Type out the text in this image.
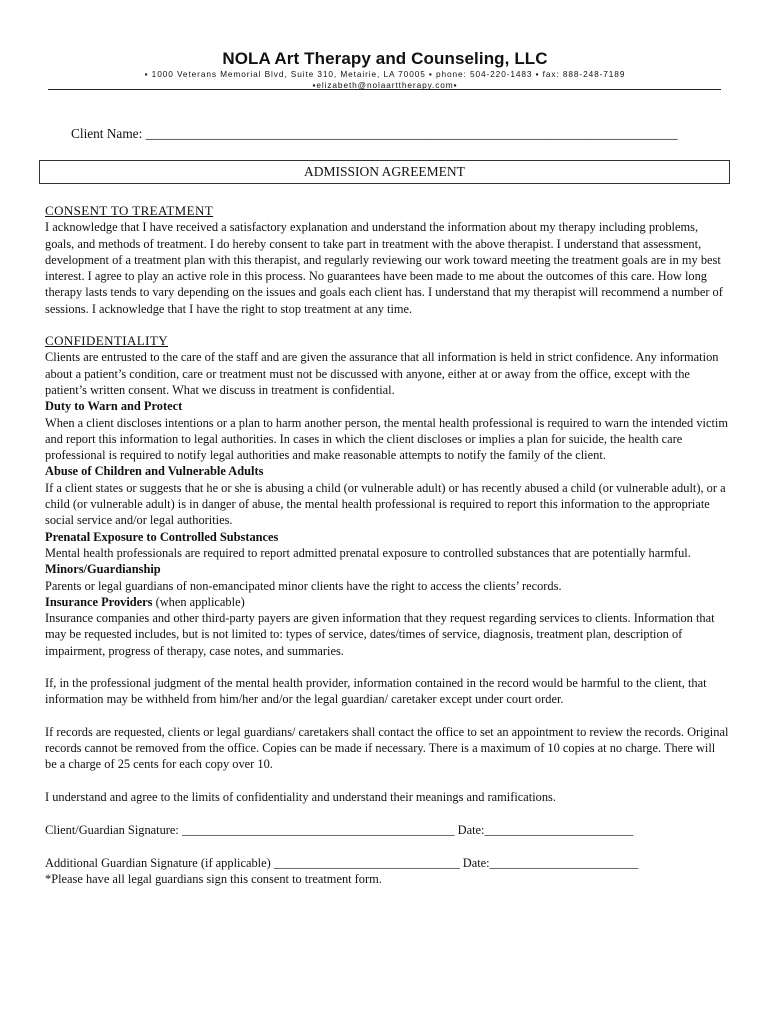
NOLA Art Therapy and Counseling, LLC
▪ 1000 Veterans Memorial Blvd, Suite 310, Metairie, LA 70005 ▪ phone: 504-220-1483 ▪ fax: 888-248-7189
▪elizabeth@nolaarttherapy.com▪
Client Name: ________________________________________________________________________________
ADMISSION AGREEMENT

CONSENT TO TREATMENT

I acknowledge that I have received a satisfactory explanation and understand the information about my therapy including problems, goals, and methods of treatment. I do hereby consent to take part in treatment with the above therapist. I understand that assessment, development of a treatment plan with this therapist, and regularly reviewing our work toward meeting the treatment goals are in my best interest. I agree to play an active role in this process. No guarantees have been made to me about the outcomes of this care. How long therapy lasts tends to vary depending on the issues and goals each client has. I understand that my therapist will recommend a number of sessions. I acknowledge that I have the right to stop treatment at any time.

CONFIDENTIALITY

Clients are entrusted to the care of the staff and are given the assurance that all information is held in strict confidence. Any information about a patient’s condition, care or treatment must not be discussed with anyone, either at or away from the office, except with the patient’s written consent. What we discuss in treatment is confidential.

Duty to Warn and Protect

When a client discloses intentions or a plan to harm another person, the mental health professional is required to warn the intended victim and report this information to legal authorities. In cases in which the client discloses or implies a plan for suicide, the health care professional is required to notify legal authorities and make reasonable attempts to notify the family of the client.

Abuse of Children and Vulnerable Adults

If a client states or suggests that he or she is abusing a child (or vulnerable adult) or has recently abused a child (or vulnerable adult), or a child (or vulnerable adult) is in danger of abuse, the mental health professional is required to report this information to the appropriate social service and/or legal authorities.

Prenatal Exposure to Controlled Substances

Mental health professionals are required to report admitted prenatal exposure to controlled substances that are potentially harmful.

Minors/Guardianship

Parents or legal guardians of non-emancipated minor clients have the right to access the clients’ records.

Insurance Providers (when applicable)

Insurance companies and other third-party payers are given information that they request regarding services to clients. Information that may be requested includes, but is not limited to: types of service, dates/times of service, diagnosis, treatment plan, description of impairment, progress of therapy, case notes, and summaries.

If, in the professional judgment of the mental health provider, information contained in the record would be harmful to the client, that information may be withheld from him/her and/or the legal guardian/ caretaker except under court order.

If records are requested, clients or legal guardians/ caretakers shall contact the office to set an appointment to review the records. Original records cannot be removed from the office. Copies can be made if necessary. There is a maximum of 10 copies at no charge. There will be a charge of 25 cents for each copy over 10.

I understand and agree to the limits of confidentiality and understand their meanings and ramifications.

Client/Guardian Signature: ____________________________________________ Date:________________________

Additional Guardian Signature (if applicable) ______________________________ Date:________________________

*Please have all legal guardians sign this consent to treatment form.
